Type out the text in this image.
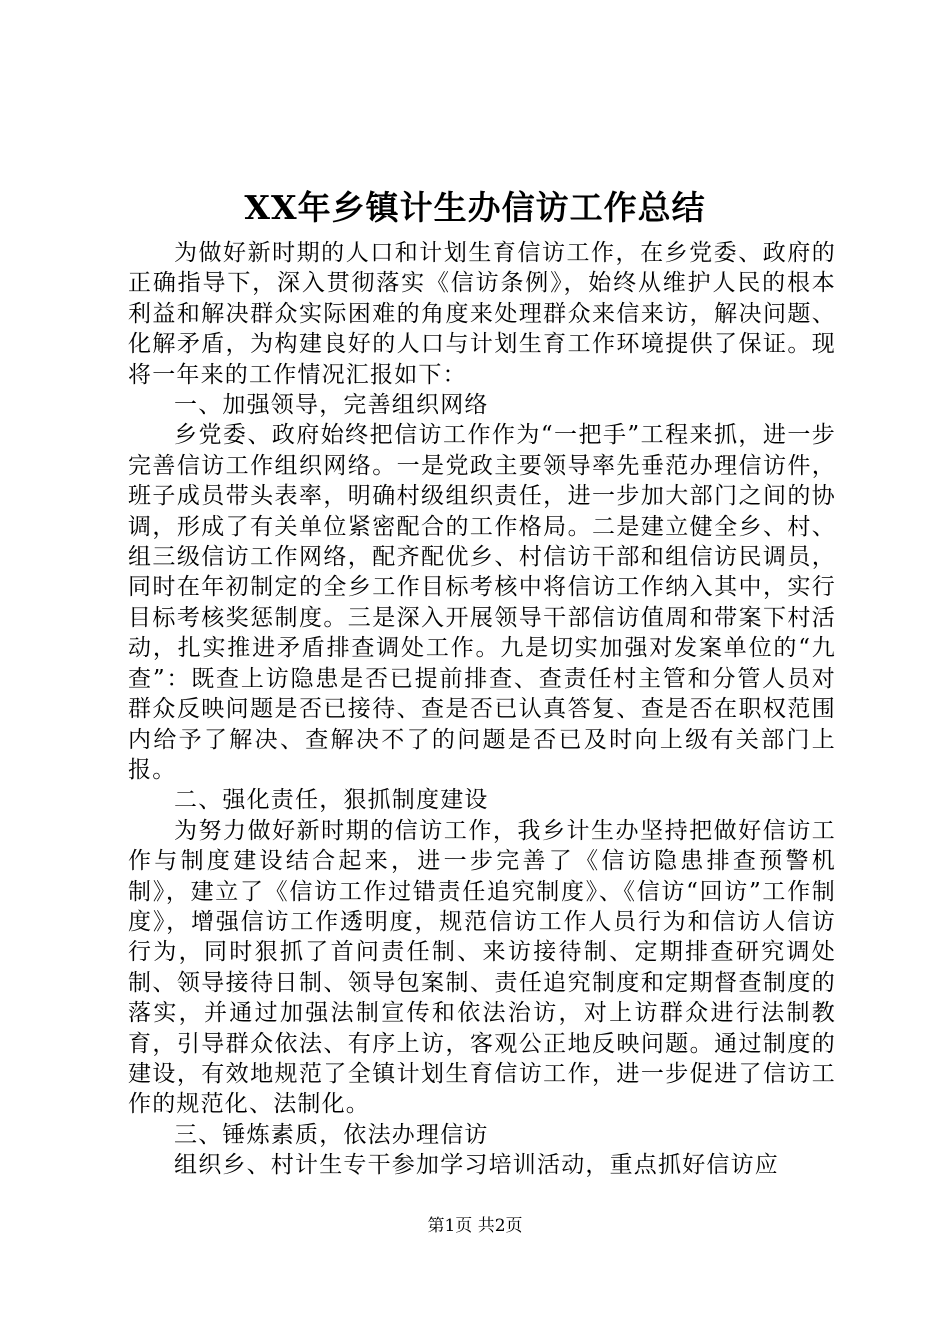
XX年乡镇计生办信访工作总结

为做好新时期的人口和计划生育信访工作，在乡党委、政府的正确指导下，深入贯彻落实《信访条例》，始终从维护人民的根本利益和解决群众实际困难的角度来处理群众来信来访，解决问题、化解矛盾，为构建良好的人口与计划生育工作环境提供了保证。现将一年来的工作情况汇报如下：

一、加强领导，完善组织网络

乡党委、政府始终把信访工作作为“一把手”工程来抓，进一步完善信访工作组织网络。一是党政主要领导率先垂范办理信访件，班子成员带头表率，明确村级组织责任，进一步加大部门之间的协调，形成了有关单位紧密配合的工作格局。二是建立健全乡、村、组三级信访工作网络，配齐配优乡、村信访干部和组信访民调员，同时在年初制定的全乡工作目标考核中将信访工作纳入其中，实行目标考核奖惩制度。三是深入开展领导干部信访值周和带案下村活动，扎实推进矛盾排查调处工作。九是切实加强对发案单位的“九查”：既查上访隐患是否已提前排查、查责任村主管和分管人员对群众反映问题是否已接待、查是否已认真答复、查是否在职权范围内给予了解决、查解决不了的问题是否已及时向上级有关部门上报。

二、强化责任，狠抓制度建设

为努力做好新时期的信访工作，我乡计生办坚持把做好信访工作与制度建设结合起来，进一步完善了《信访隐患排查预警机制》，建立了《信访工作过错责任追究制度》、《信访“回访”工作制度》，增强信访工作透明度，规范信访工作人员行为和信访人信访行为，同时狠抓了首问责任制、来访接待制、定期排查研究调处制、领导接待日制、领导包案制、责任追究制度和定期督查制度的落实，并通过加强法制宣传和依法治访，对上访群众进行法制教育，引导群众依法、有序上访，客观公正地反映问题。通过制度的建设，有效地规范了全镇计划生育信访工作，进一步促进了信访工作的规范化、法制化。

三、锤炼素质，依法办理信访

组织乡、村计生专干参加学习培训活动，重点抓好信访应

第1页 共2页
